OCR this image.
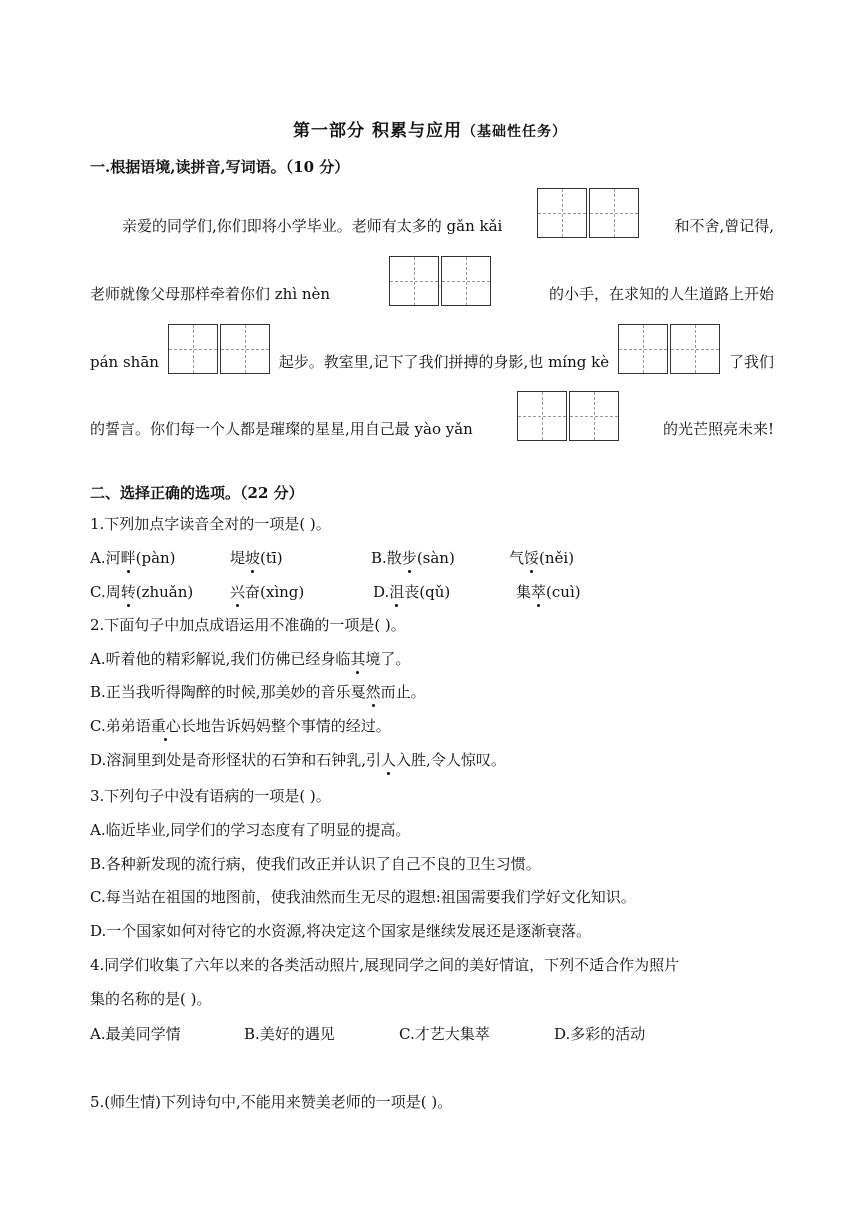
第一部分 积累与应用（基础性任务）
一.根据语境,读拼音,写词语。（10 分）
亲爱的同学们,你们即将小学毕业。老师有太多的 gǎn kǎi	和不舍,曾记得,
老师就像父母那样牵着你们 zhì nèn	的小手，在求知的人生道路上开始
pán shān	起步。教室里,记下了我们拼搏的身影,也 míng kè	了我们
的誓言。你们每一个人都是璀璨的星星,用自己最 yào yǎn	的光芒照亮未来!
二、选择正确的选项。（22 分）
1.下列加点字读音全对的一项是( )。
A.河畔(pàn)	堤坡(tī)	B.散步(sàn)	气馁(něi)
C.周转(zhuǎn) 兴奋(xìng)	D.沮丧(qǔ)	集萃(cuì)
2.下面句子中加点成语运用不准确的一项是( )。
A.听着他的精彩解说,我们仿佛已经身临其境了。
B.正当我听得陶醉的时候,那美妙的音乐戛然而止。
C.弟弟语重心长地告诉妈妈整个事情的经过。
D.溶洞里到处是奇形怪状的石笋和石钟乳,引人入胜,令人惊叹。
3.下列句子中没有语病的一项是( )。
A.临近毕业,同学们的学习态度有了明显的提高。
B.各种新发现的流行病，使我们改正并认识了自己不良的卫生习惯。
C.每当站在祖国的地图前，使我油然而生无尽的遐想:祖国需要我们学好文化知识。
D.一个国家如何对待它的水资源,将决定这个国家是继续发展还是逐渐衰落。
4.同学们收集了六年以来的各类活动照片,展现同学之间的美好情谊，下列不适合作为照片
集的名称的是( )。
A.最美同学情	B.美好的遇见	C.才艺大集萃	D.多彩的活动
5.(师生情)下列诗句中,不能用来赞美老师的一项是( )。
